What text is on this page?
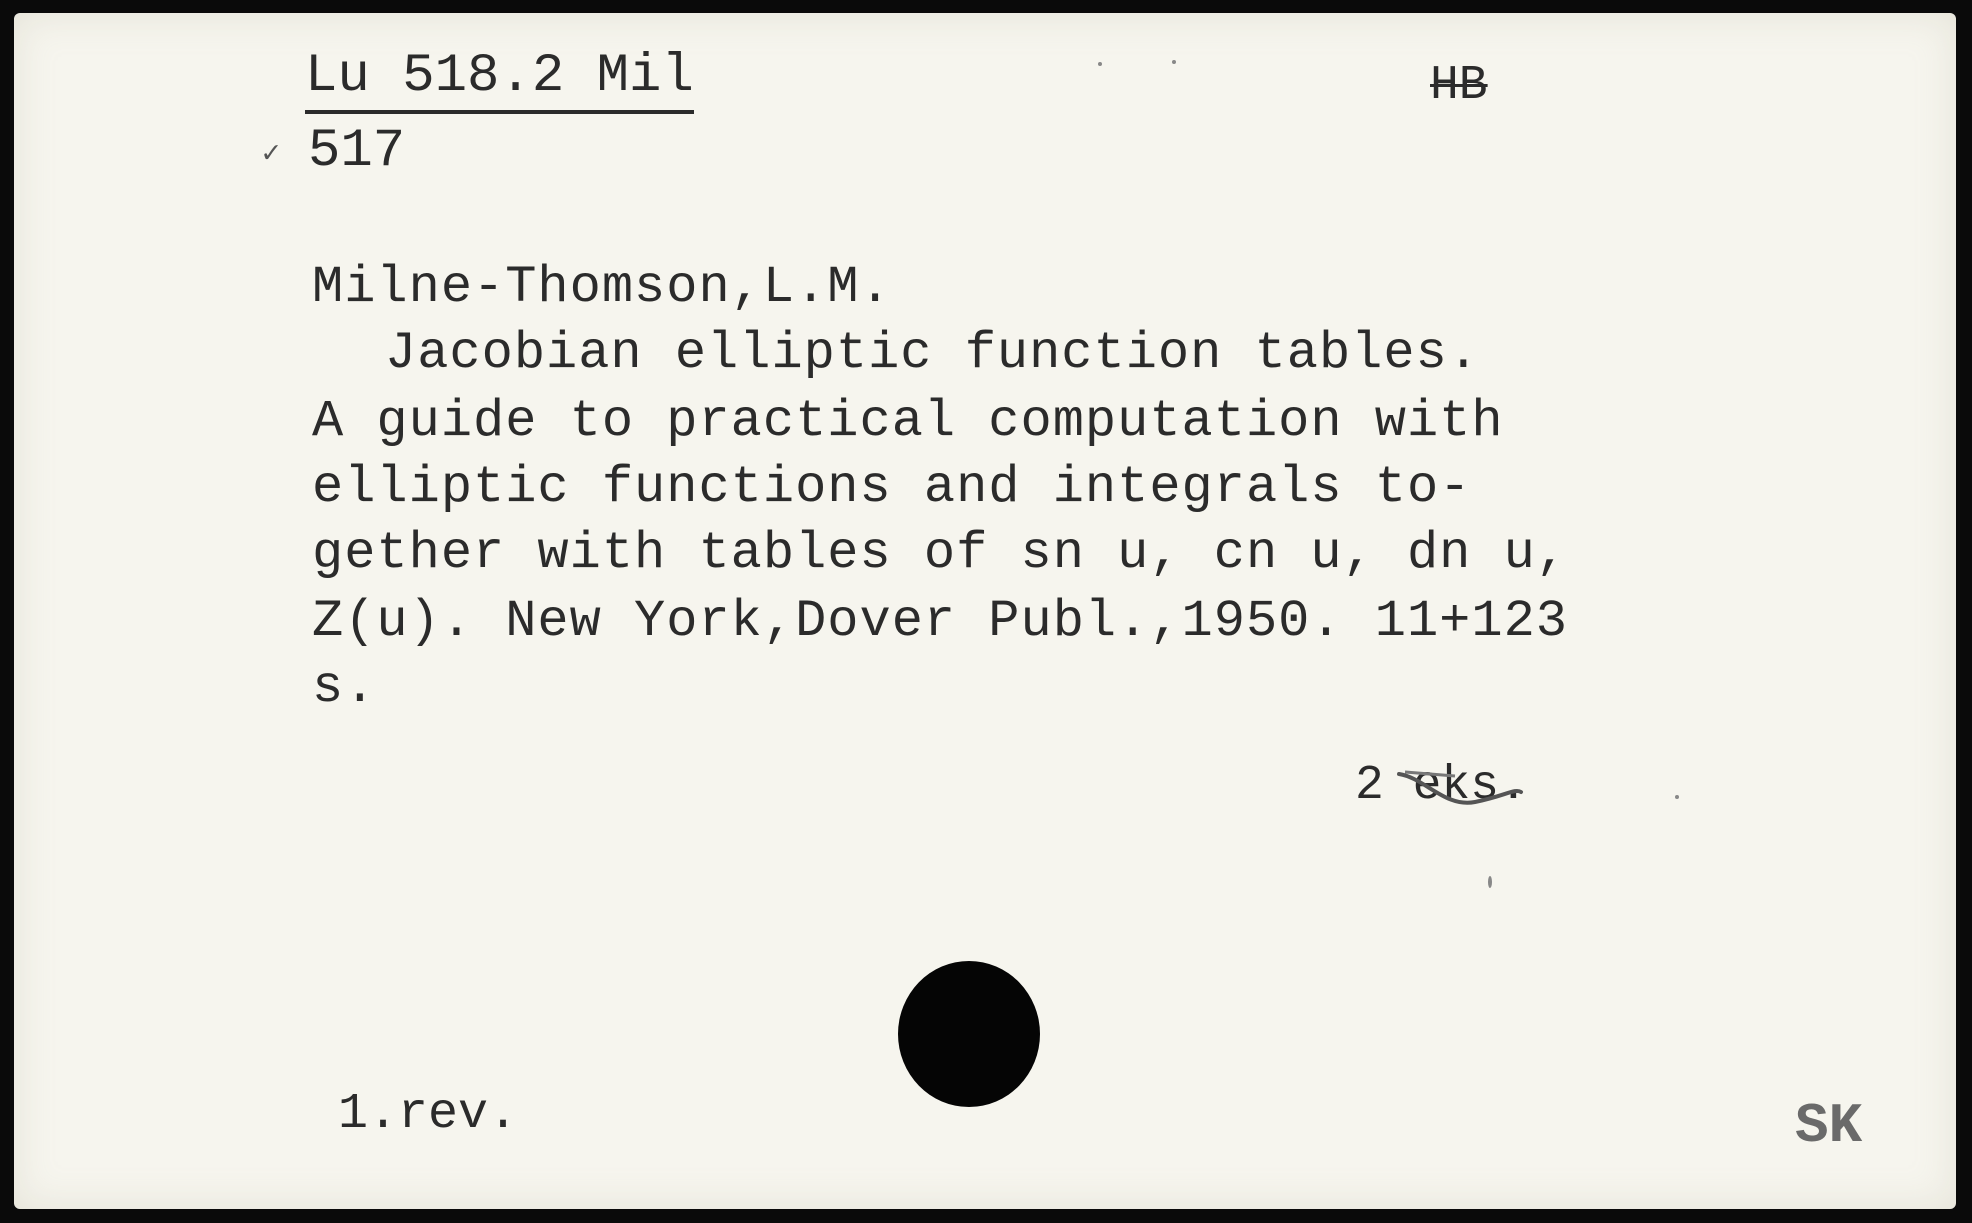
Lu 518.2 Mil
✓ 517
HB
Milne-Thomson,L.M.
Jacobian elliptic function tables.
A guide to practical computation with
elliptic functions and integrals to-
gether with tables of sn u, cn u, dn u,
Z(u). New York,Dover Publ.,1950. 11+123
s.
2 eks.
1.rev.	SK
